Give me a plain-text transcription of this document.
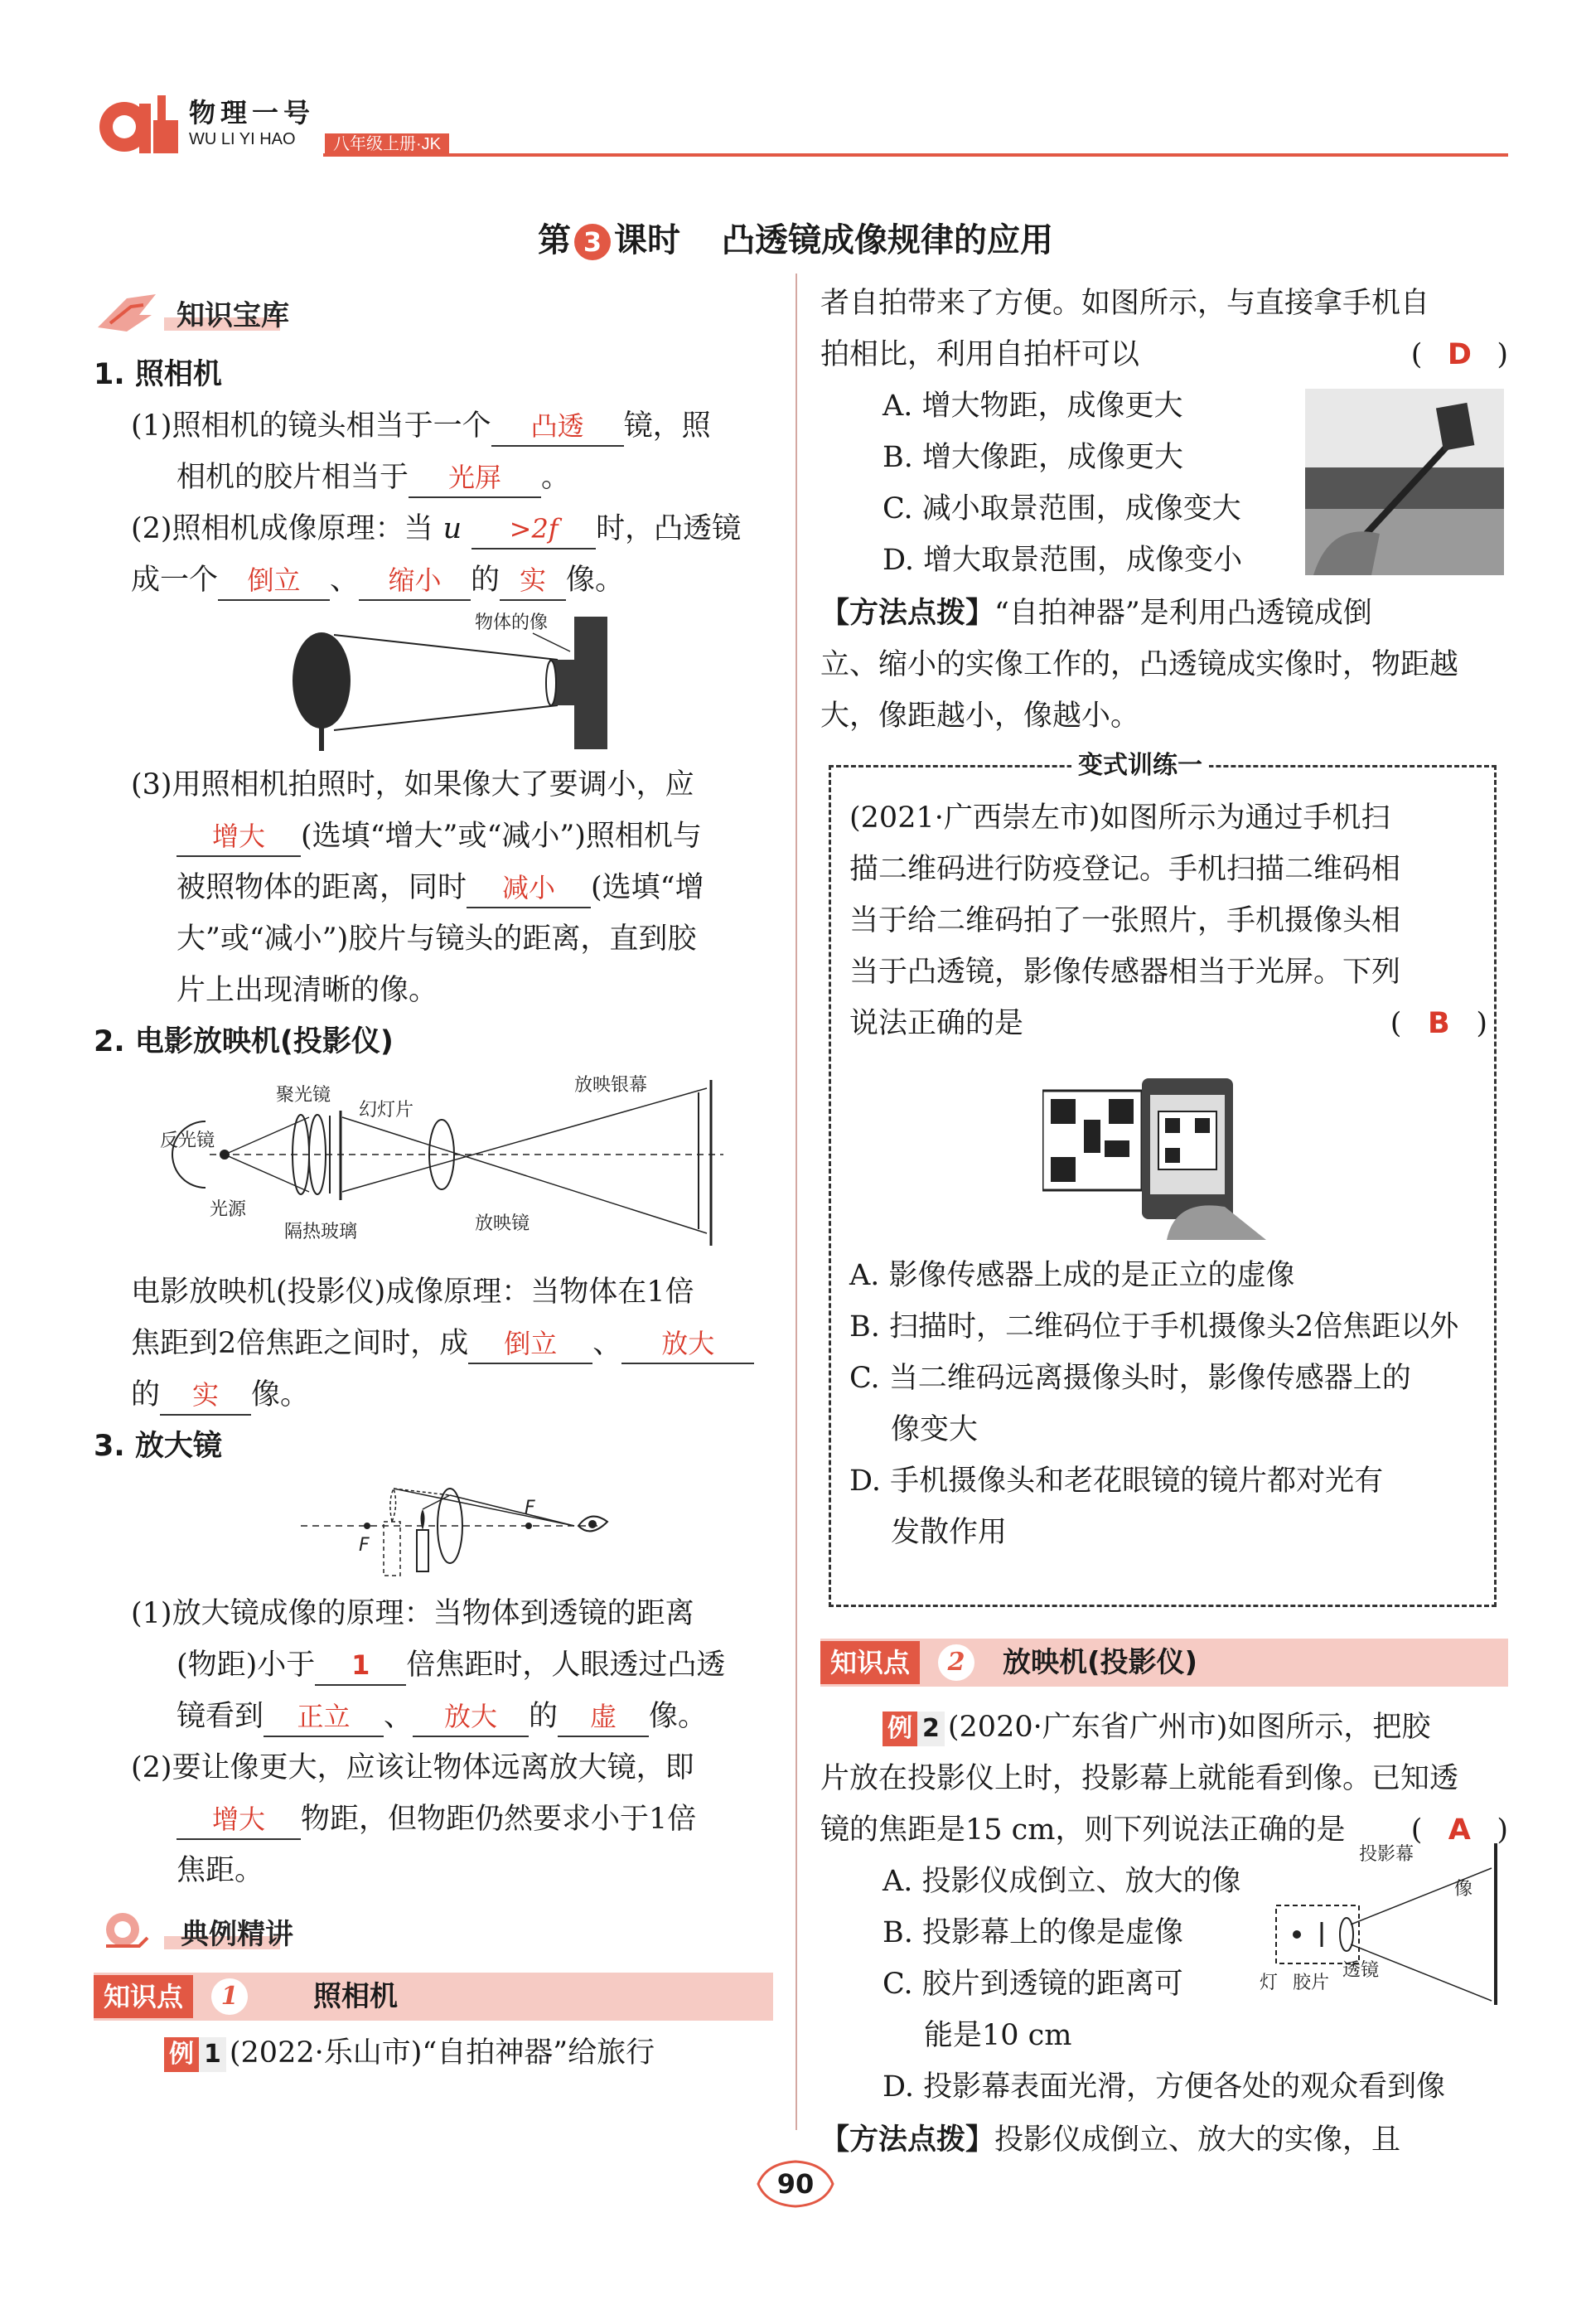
物理一号
WU LI YI HAO	八年级上册·JK
第 3 课时 凸透镜成像规律的应用
知识宝库
1. 照相机
(1)照相机的镜头相当于一个 凸透 镜，照
相机的胶片相当于 光屏 。
(2)照相机成像原理：当 u >2f 时，凸透镜
成一个 倒立 、 缩小 的 实 像。
物体的像
(3)用照相机拍照时，如果像大了要调小，应
增大 (选填“增大”或“减小”)照相机与
被照物体的距离，同时 减小 (选填“增
大”或“减小”)胶片与镜头的距离，直到胶
片上出现清晰的像。
2. 电影放映机(投影仪)
反光镜
聚光镜
幻灯片
放映银幕
光源
隔热玻璃	放映镜
电影放映机(投影仪)成像原理：当物体在1倍
焦距到2倍焦距之间时，成 倒立 、 放大
的 实 像。
3. 放大镜
F
F
(1)放大镜成像的原理：当物体到透镜的距离
(物距)小于 1 倍焦距时，人眼透过凸透
镜看到 正立 、 放大 的 虚 像。
(2)要让像更大，应该让物体远离放大镜，即
增大 物距，但物距仍然要求小于1倍
焦距。
典例精讲
知识点	1	照相机
例 1 (2022·乐山市)“自拍神器”给旅行
者自拍带来了方便。如图所示，与直接拿手机自
拍相比，利用自拍杆可以	( D )
A. 增大物距，成像更大
B. 增大像距，成像更大
C. 减小取景范围，成像变大
D. 增大取景范围，成像变小
【方法点拨】“自拍神器”是利用凸透镜成倒
立、缩小的实像工作的，凸透镜成实像时，物距越
大，像距越小，像越小。
变式训练一
(2021·广西崇左市)如图所示为通过手机扫
描二维码进行防疫登记。手机扫描二维码相
当于给二维码拍了一张照片，手机摄像头相
当于凸透镜，影像传感器相当于光屏。下列
说法正确的是	( B )
A. 影像传感器上成的是正立的虚像
B. 扫描时，二维码位于手机摄像头2倍焦距以外
C. 当二维码远离摄像头时，影像传感器上的
像变大
D. 手机摄像头和老花眼镜的镜片都对光有
发散作用
知识点	2	放映机(投影仪)
例 2 (2020·广东省广州市)如图所示，把胶
片放在投影仪上时，投影幕上就能看到像。已知透
镜的焦距是15 cm，则下列说法正确的是 ( A )
A. 投影仪成倒立、放大的像
B. 投影幕上的像是虚像
C. 胶片到透镜的距离可
能是10 cm
D. 投影幕表面光滑，方便各处的观众看到像
投影幕
像
灯 胶片
透镜
【方法点拨】投影仪成倒立、放大的实像，且
90
